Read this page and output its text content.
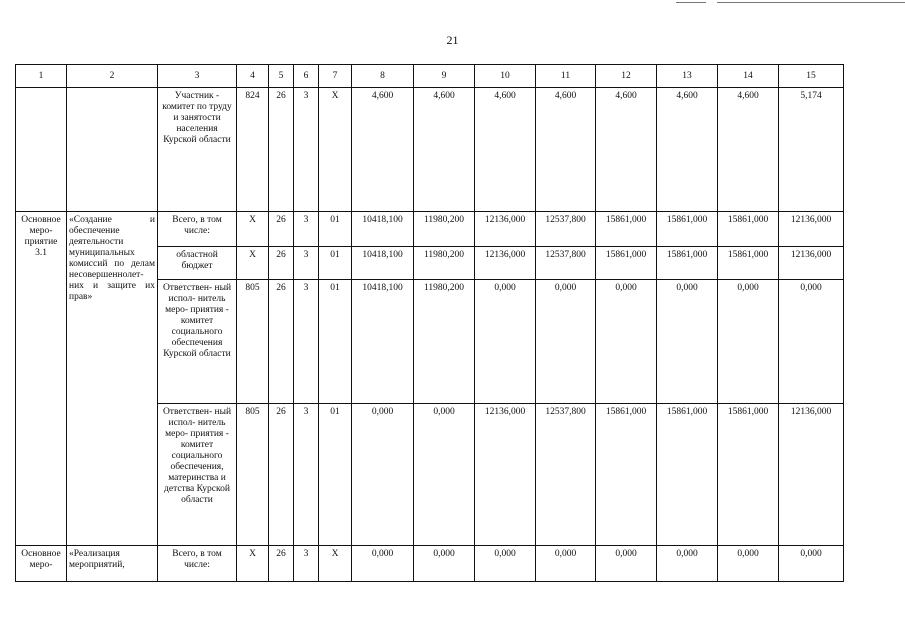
21
1	2	3	4	5	6	7	8	9	10	11	12	13	14	15
		Участник - комитет по труду и занятости населения Курской области	824	26	3	Х	4,600	4,600	4,600	4,600	4,600	4,600	4,600	5,174
Основное меро- приятие 3.1	«Создание и обеспечение деятельности муниципальных комиссий по делам несовершеннолет- них и защите их прав»	Всего, в том числе:	Х	26	3	01	10418,100	11980,200	12136,000	12537,800	15861,000	15861,000	15861,000	12136,000
		областной бюджет	Х	26	3	01	10418,100	11980,200	12136,000	12537,800	15861,000	15861,000	15861,000	12136,000
		Ответствен- ный испол- нитель меро- приятия - комитет социального обеспечения Курской области	805	26	3	01	10418,100	11980,200	0,000	0,000	0,000	0,000	0,000	0,000
		Ответствен- ный испол- нитель меро- приятия - комитет социального обеспечения, материнства и детства Курской области	805	26	3	01	0,000	0,000	12136,000	12537,800	15861,000	15861,000	15861,000	12136,000
Основное меро-	«Реализация мероприятий,	Всего, в том числе:	Х	26	3	Х	0,000	0,000	0,000	0,000	0,000	0,000	0,000	0,000
